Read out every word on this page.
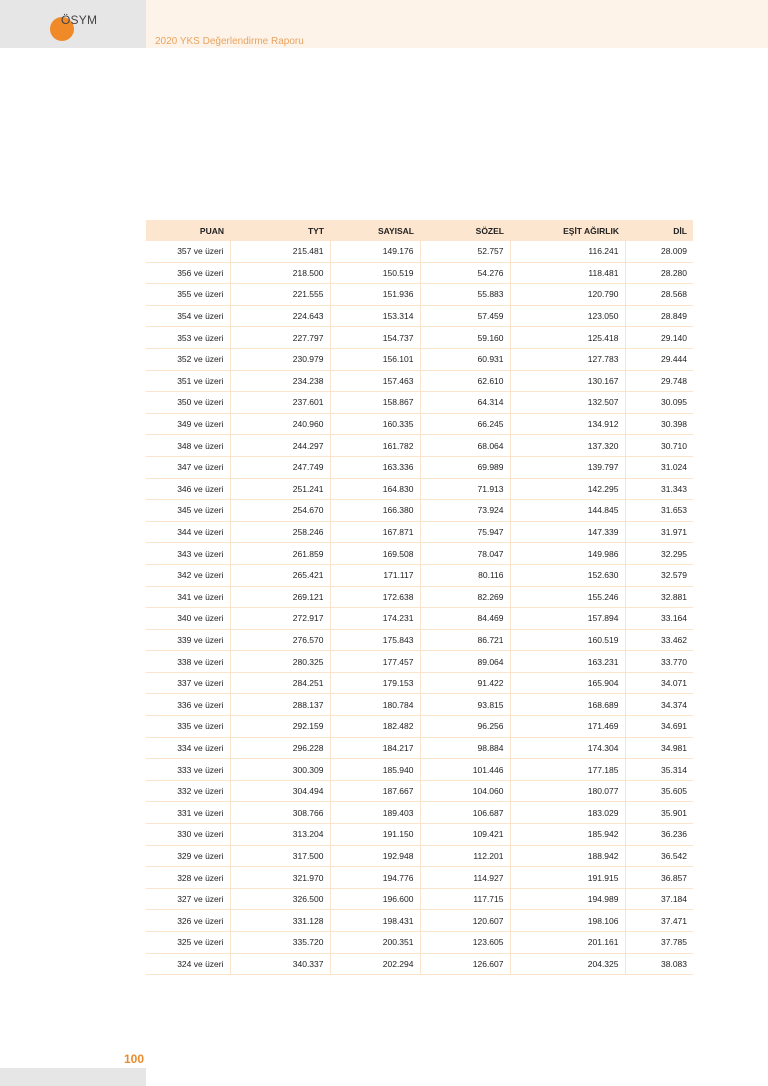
ÖSYM
2020 YKS Değerlendirme Raporu
PUAN	TYT	SAYISAL	SÖZEL	EŞİT AĞIRLIK	DİL
357 ve üzeri	215.481	149.176	52.757	116.241	28.009
356 ve üzeri	218.500	150.519	54.276	118.481	28.280
355 ve üzeri	221.555	151.936	55.883	120.790	28.568
354 ve üzeri	224.643	153.314	57.459	123.050	28.849
353 ve üzeri	227.797	154.737	59.160	125.418	29.140
352 ve üzeri	230.979	156.101	60.931	127.783	29.444
351 ve üzeri	234.238	157.463	62.610	130.167	29.748
350 ve üzeri	237.601	158.867	64.314	132.507	30.095
349 ve üzeri	240.960	160.335	66.245	134.912	30.398
348 ve üzeri	244.297	161.782	68.064	137.320	30.710
347 ve üzeri	247.749	163.336	69.989	139.797	31.024
346 ve üzeri	251.241	164.830	71.913	142.295	31.343
345 ve üzeri	254.670	166.380	73.924	144.845	31.653
344 ve üzeri	258.246	167.871	75.947	147.339	31.971
343 ve üzeri	261.859	169.508	78.047	149.986	32.295
342 ve üzeri	265.421	171.117	80.116	152.630	32.579
341 ve üzeri	269.121	172.638	82.269	155.246	32.881
340 ve üzeri	272.917	174.231	84.469	157.894	33.164
339 ve üzeri	276.570	175.843	86.721	160.519	33.462
338 ve üzeri	280.325	177.457	89.064	163.231	33.770
337 ve üzeri	284.251	179.153	91.422	165.904	34.071
336 ve üzeri	288.137	180.784	93.815	168.689	34.374
335 ve üzeri	292.159	182.482	96.256	171.469	34.691
334 ve üzeri	296.228	184.217	98.884	174.304	34.981
333 ve üzeri	300.309	185.940	101.446	177.185	35.314
332 ve üzeri	304.494	187.667	104.060	180.077	35.605
331 ve üzeri	308.766	189.403	106.687	183.029	35.901
330 ve üzeri	313.204	191.150	109.421	185.942	36.236
329 ve üzeri	317.500	192.948	112.201	188.942	36.542
328 ve üzeri	321.970	194.776	114.927	191.915	36.857
327 ve üzeri	326.500	196.600	117.715	194.989	37.184
326 ve üzeri	331.128	198.431	120.607	198.106	37.471
325 ve üzeri	335.720	200.351	123.605	201.161	37.785
324 ve üzeri	340.337	202.294	126.607	204.325	38.083
100
